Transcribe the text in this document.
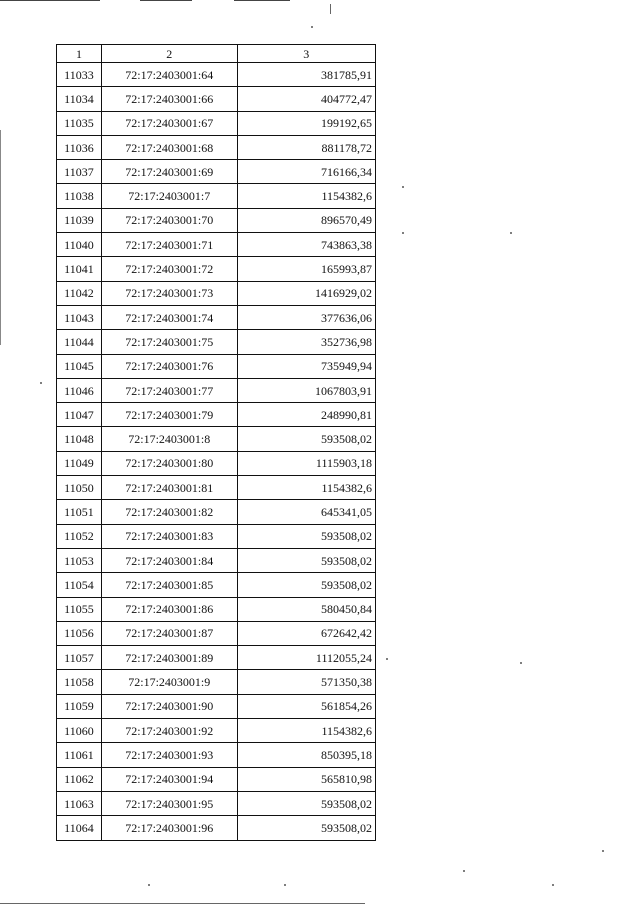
1	2	3
11033	72:17:2403001:64	381785,91
11034	72:17:2403001:66	404772,47
11035	72:17:2403001:67	199192,65
11036	72:17:2403001:68	881178,72
11037	72:17:2403001:69	716166,34
11038	72:17:2403001:7	1154382,6
11039	72:17:2403001:70	896570,49
11040	72:17:2403001:71	743863,38
11041	72:17:2403001:72	165993,87
11042	72:17:2403001:73	1416929,02
11043	72:17:2403001:74	377636,06
11044	72:17:2403001:75	352736,98
11045	72:17:2403001:76	735949,94
11046	72:17:2403001:77	1067803,91
11047	72:17:2403001:79	248990,81
11048	72:17:2403001:8	593508,02
11049	72:17:2403001:80	1115903,18
11050	72:17:2403001:81	1154382,6
11051	72:17:2403001:82	645341,05
11052	72:17:2403001:83	593508,02
11053	72:17:2403001:84	593508,02
11054	72:17:2403001:85	593508,02
11055	72:17:2403001:86	580450,84
11056	72:17:2403001:87	672642,42
11057	72:17:2403001:89	1112055,24
11058	72:17:2403001:9	571350,38
11059	72:17:2403001:90	561854,26
11060	72:17:2403001:92	1154382,6
11061	72:17:2403001:93	850395,18
11062	72:17:2403001:94	565810,98
11063	72:17:2403001:95	593508,02
11064	72:17:2403001:96	593508,02
